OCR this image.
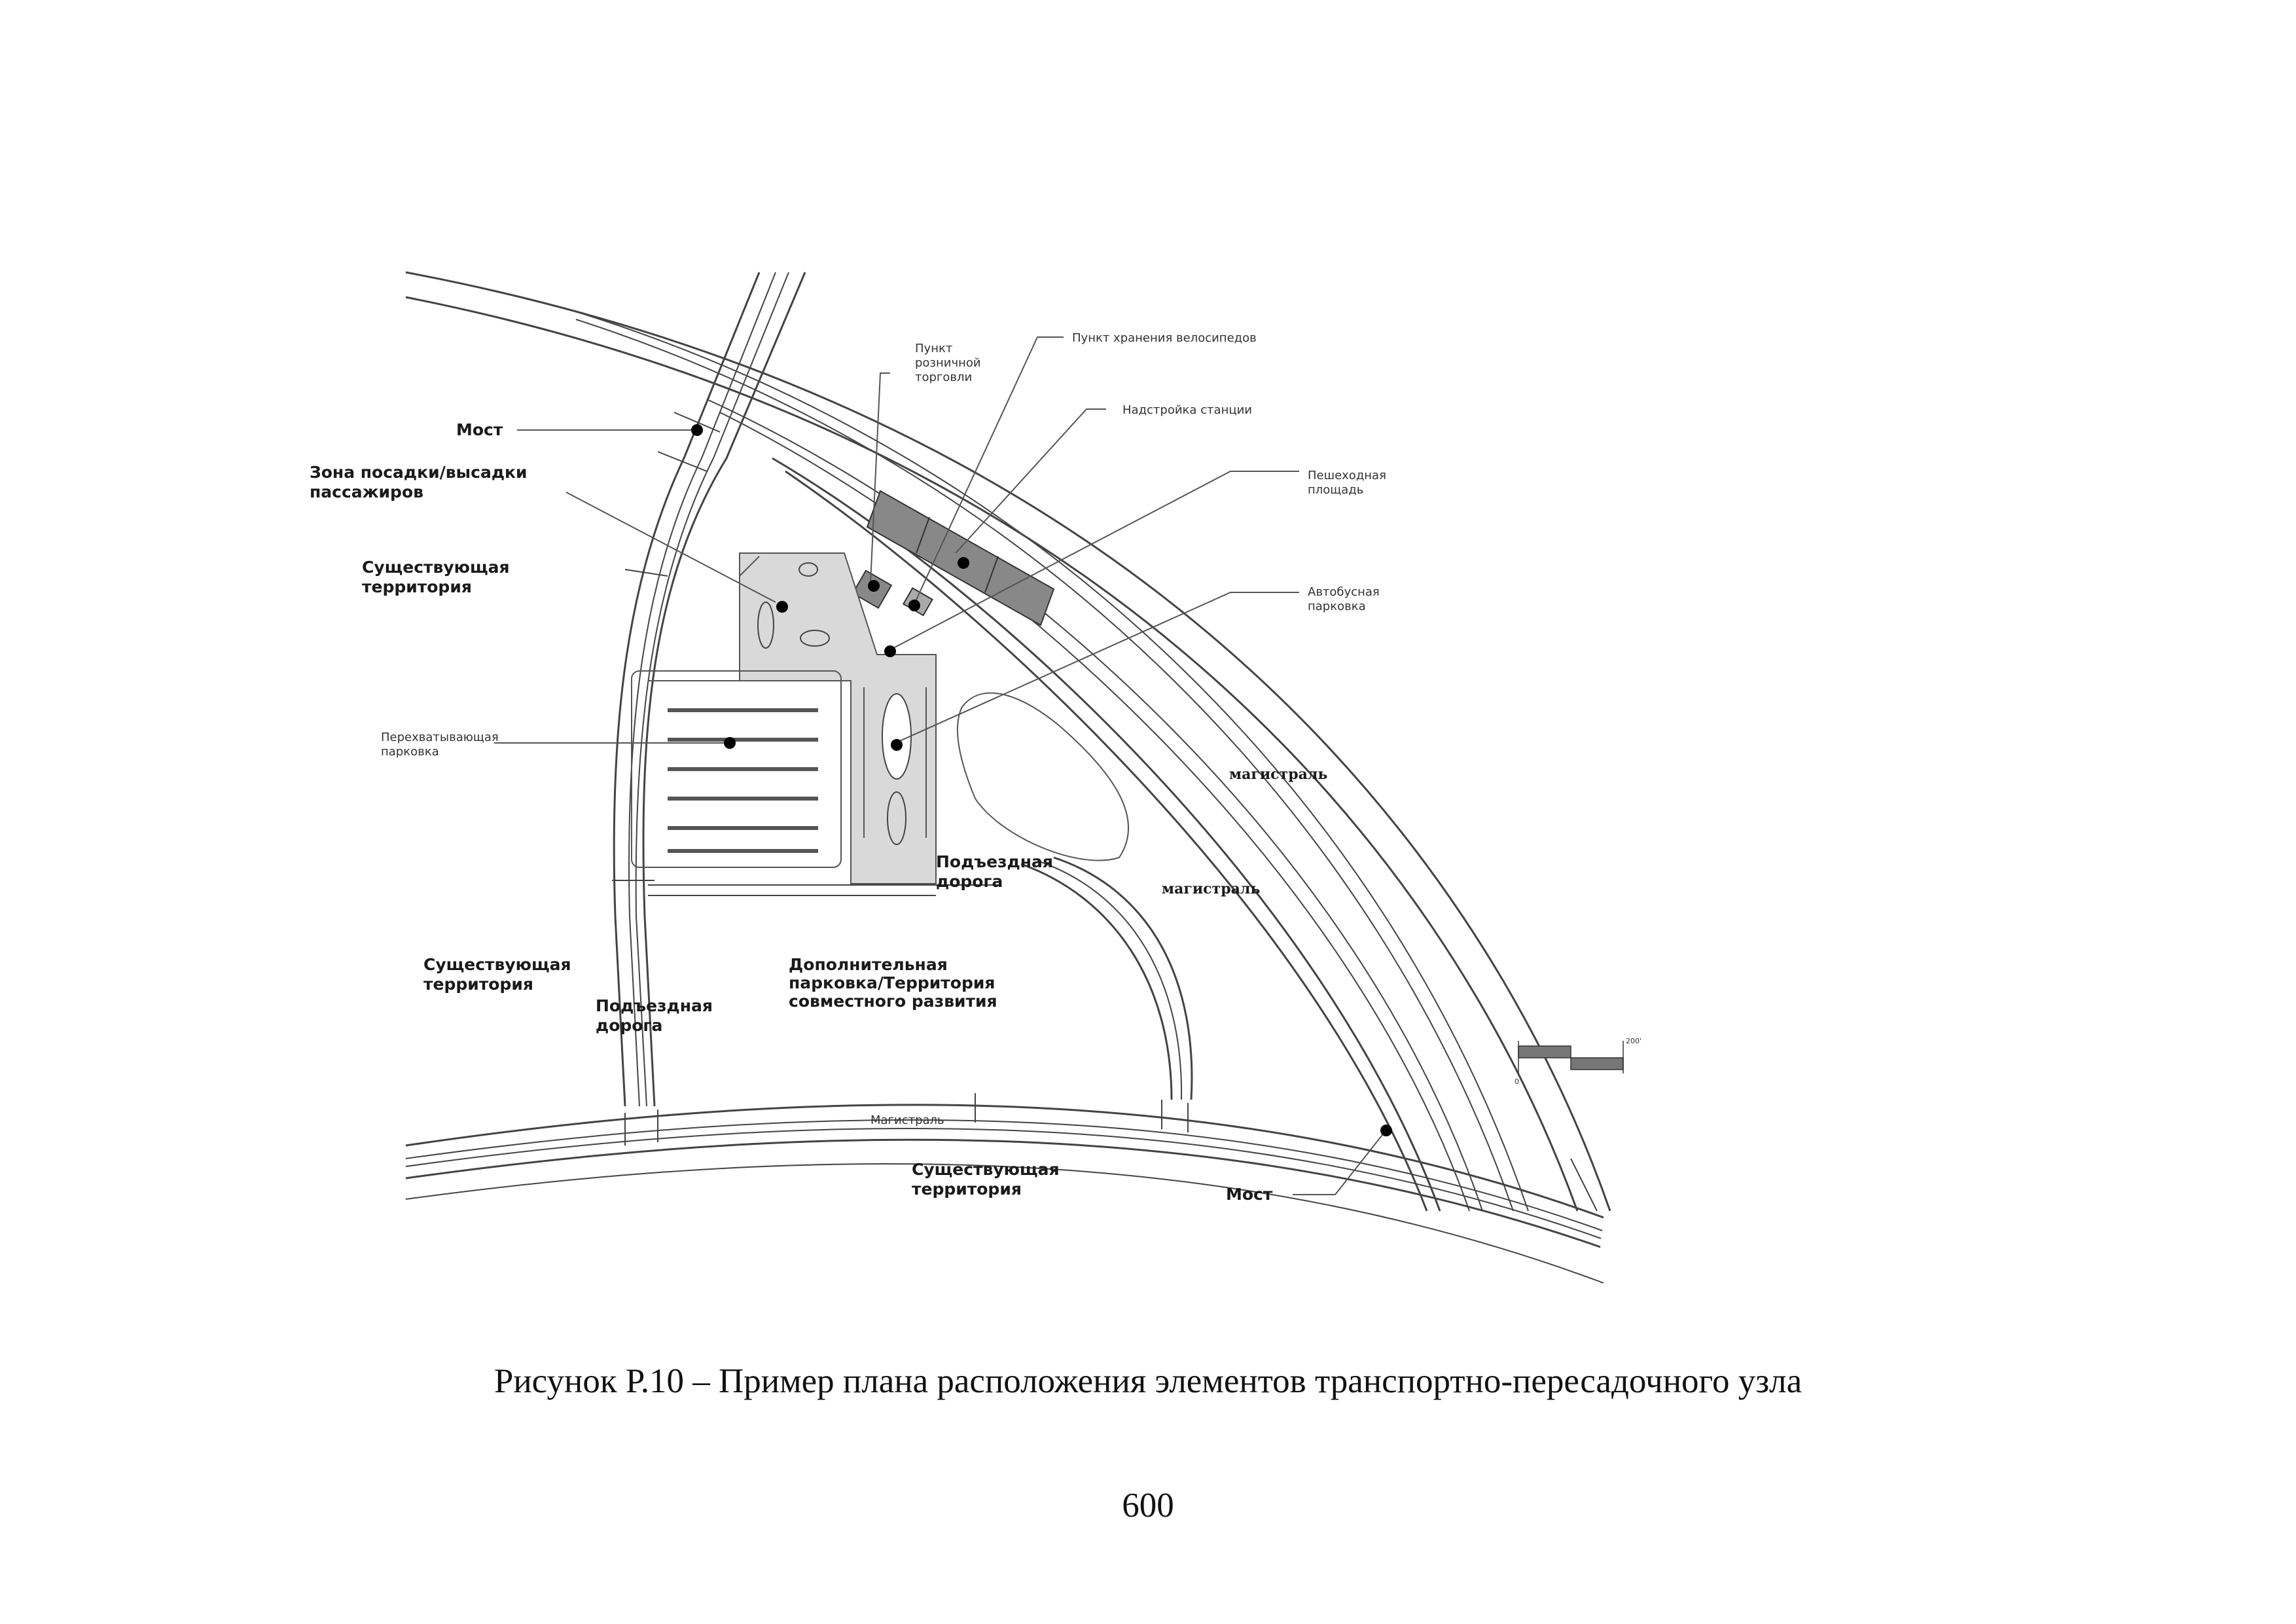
0
200'
Мост
Зона посадки/высадки пассажиров
Существующая территория
Пункт розничной торговли
Пункт хранения велосипедов
Надстройка станции
Пешеходная площадь
Автобусная парковка
Перехватывающая парковка
магистраль
магистраль
Подъездная дорога
Существующая территория
Подъездная дорога
Дополнительная парковка/Территория совместного развития
Магистраль
Существующая территория	Мост
Рисунок Р.10 – Пример плана расположения элементов транспортно-пересадочного узла
600
